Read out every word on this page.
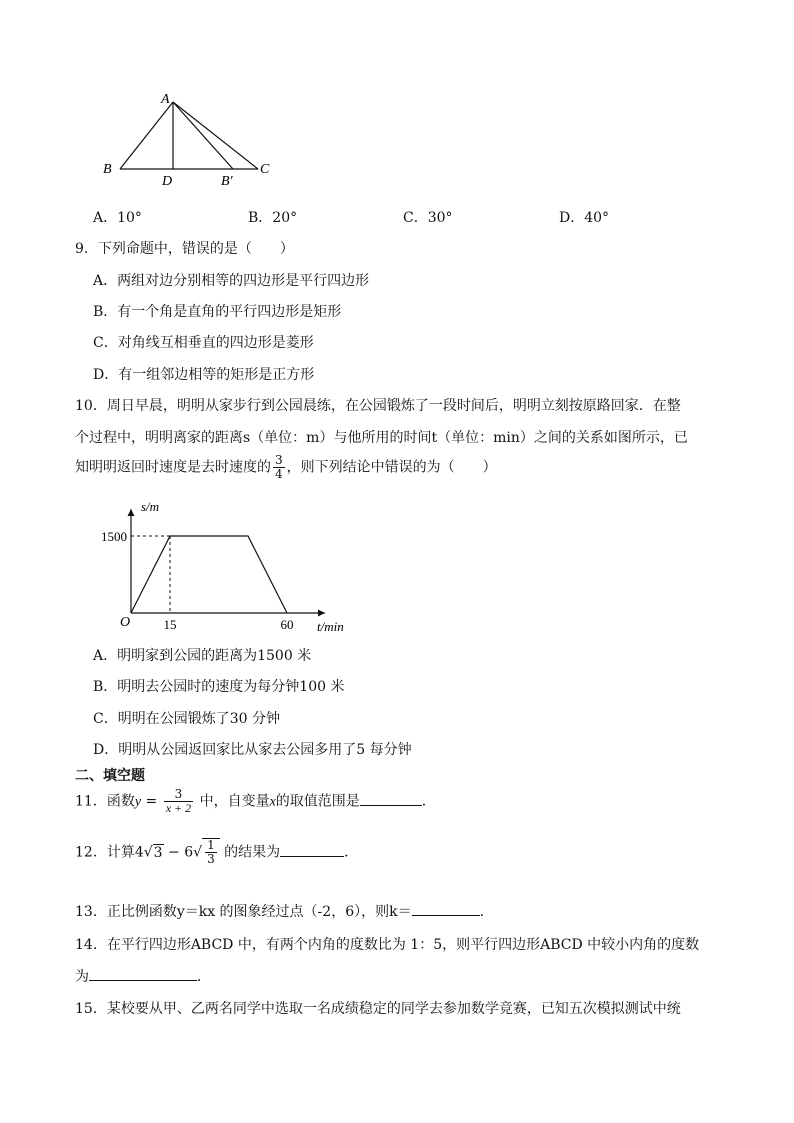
A
B	C
D	B′
A．10°	B．20°	C．30°	D．40°
9．下列命题中，错误的是（　　）
A．两组对边分别相等的四边形是平行四边形
B．有一个角是直角的平行四边形是矩形
C．对角线互相垂直的四边形是菱形
D．有一组邻边相等的矩形是正方形
10．周日早晨，明明从家步行到公园晨练，在公园锻炼了一段时间后，明明立刻按原路回家．在整
个过程中，明明离家的距离s（单位：m）与他所用的时间t（单位：min）之间的关系如图所示，已
知明明返回时速度是去时速度的 $\frac{3}{4}$ ，则下列结论中错误的为（　　）
O	15	60
1500
s/m
t/min
A．明明家到公园的距离为1500 米
B．明明去公园时的速度为每分钟100 米
C．明明在公园锻炼了30 分钟
D．明明从公园返回家比从家去公园多用了5 每分钟
二、填空题
11．函数$y = \frac{3}{x + 2}$ 中，自变量x的取值范围是	．
12．计算$4√3 - 6√ \frac{1}{3}$ 的结果为	．
13．正比例函数y＝kx 的图象经过点（-2，6），则k＝	．
14．在平行四边形ABCD 中，有两个内角的度数比为 1：5，则平行四边形ABCD 中较小内角的度数
为	．
15．某校要从甲、乙两名同学中选取一名成绩稳定的同学去参加数学竞赛，已知五次模拟测试中统
